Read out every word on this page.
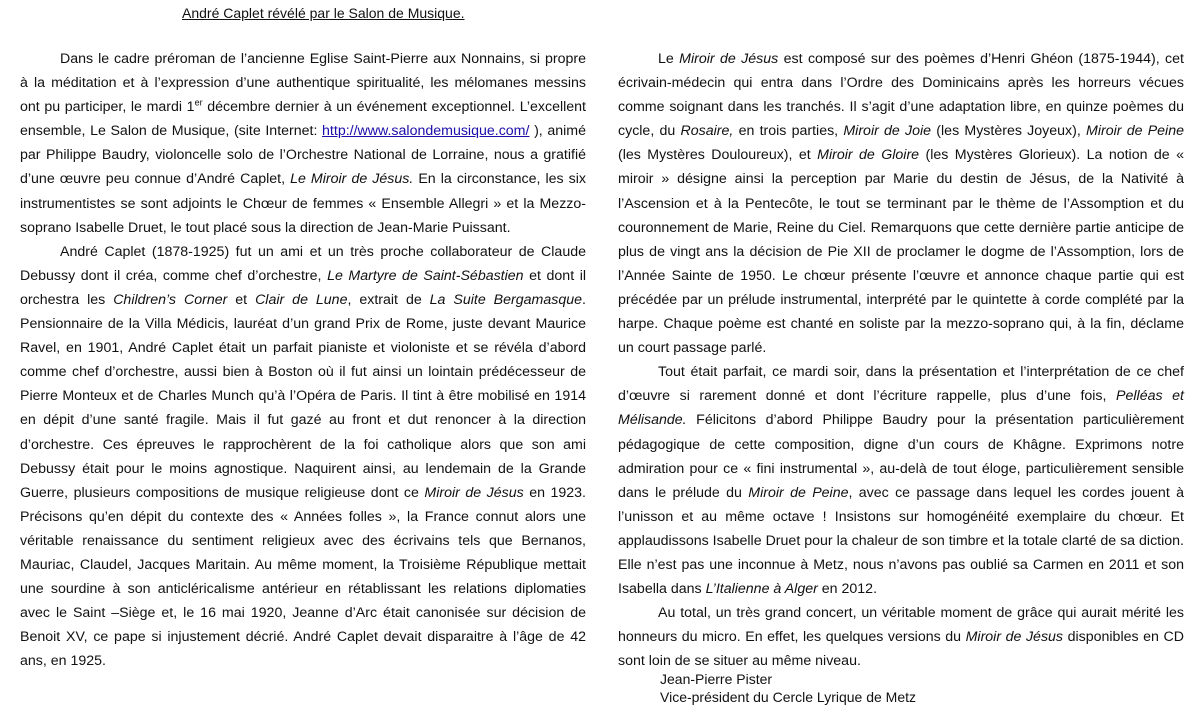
André Caplet révélé par le Salon de Musique.

Dans le cadre préroman de l’ancienne Eglise Saint-Pierre aux Nonnains, si propre à la méditation et à l’expression d’une authentique spiritualité, les mélomanes messins ont pu participer, le mardi 1er décembre dernier à un événement exceptionnel. L’excellent ensemble, Le Salon de Musique, (site Internet: http://www.salondemusique.com/ ), animé par Philippe Baudry, violoncelle solo de l’Orchestre National de Lorraine, nous a gratifié d’une œuvre peu connue d’André Caplet, Le Miroir de Jésus. En la circonstance, les six instrumentistes se sont adjoints le Chœur de femmes « Ensemble Allegri » et la Mezzo-soprano Isabelle Druet, le tout placé sous la direction de Jean-Marie Puissant.

André Caplet (1878-1925) fut un ami et un très proche collaborateur de Claude Debussy dont il créa, comme chef d’orchestre, Le Martyre de Saint-Sébastien et dont il orchestra les Children’s Corner et Clair de Lune, extrait de La Suite Bergamasque. Pensionnaire de la Villa Médicis, lauréat d’un grand Prix de Rome, juste devant Maurice Ravel, en 1901, André Caplet était un parfait pianiste et violoniste et se révéla d’abord comme chef d’orchestre, aussi bien à Boston où il fut ainsi un lointain prédécesseur de Pierre Monteux et de Charles Munch qu’à l’Opéra de Paris. Il tint à être mobilisé en 1914 en dépit d’une santé fragile. Mais il fut gazé au front et dut renoncer à la direction d’orchestre. Ces épreuves le rapprochèrent de la foi catholique alors que son ami Debussy était pour le moins agnostique. Naquirent ainsi, au lendemain de la Grande Guerre, plusieurs compositions de musique religieuse dont ce Miroir de Jésus en 1923. Précisons qu’en dépit du contexte des « Années folles », la France connut alors une véritable renaissance du sentiment religieux avec des écrivains tels que Bernanos, Mauriac, Claudel, Jacques Maritain. Au même moment, la Troisième République mettait une sourdine à son anticléricalisme antérieur en rétablissant les relations diplomaties avec le Saint –Siège et, le 16 mai 1920, Jeanne d’Arc était canonisée sur décision de Benoit XV, ce pape si injustement décrié. André Caplet devait disparaitre à l’âge de 42 ans, en 1925.

Le Miroir de Jésus est composé sur des poèmes d’Henri Ghéon (1875-1944), cet écrivain-médecin qui entra dans l’Ordre des Dominicains après les horreurs vécues comme soignant dans les tranchés. Il s’agit d’une adaptation libre, en quinze poèmes du cycle, du Rosaire, en trois parties, Miroir de Joie (les Mystères Joyeux), Miroir de Peine (les Mystères Douloureux), et Miroir de Gloire (les Mystères Glorieux). La notion de « miroir » désigne ainsi la perception par Marie du destin de Jésus, de la Nativité à l’Ascension et à la Pentecôte, le tout se terminant par le thème de l’Assomption et du couronnement de Marie, Reine du Ciel. Remarquons que cette dernière partie anticipe de plus de vingt ans la décision de Pie XII de proclamer le dogme de l’Assomption, lors de l’Année Sainte de 1950. Le chœur présente l’œuvre et annonce chaque partie qui est précédée par un prélude instrumental, interprété par le quintette à corde complété par la harpe. Chaque poème est chanté en soliste par la mezzo-soprano qui, à la fin, déclame un court passage parlé.

Tout était parfait, ce mardi soir, dans la présentation et l’interprétation de ce chef d’œuvre si rarement donné et dont l’écriture rappelle, plus d’une fois, Pelléas et Mélisande. Félicitons d’abord Philippe Baudry pour la présentation particulièrement pédagogique de cette composition, digne d’un cours de Khâgne. Exprimons notre admiration pour ce « fini instrumental », au-delà de tout éloge, particulièrement sensible dans le prélude du Miroir de Peine, avec ce passage dans lequel les cordes jouent à l’unisson et au même octave ! Insistons sur homogénéité exemplaire du chœur. Et applaudissons Isabelle Druet pour la chaleur de son timbre et la totale clarté de sa diction. Elle n’est pas une inconnue à Metz, nous n’avons pas oublié sa Carmen en 2011 et son Isabella dans L’Italienne à Alger en 2012.

Au total, un très grand concert, un véritable moment de grâce qui aurait mérité les honneurs du micro. En effet, les quelques versions du Miroir de Jésus disponibles en CD sont loin de se situer au même niveau.

Jean-Pierre Pister
Vice-président du Cercle Lyrique de Metz
